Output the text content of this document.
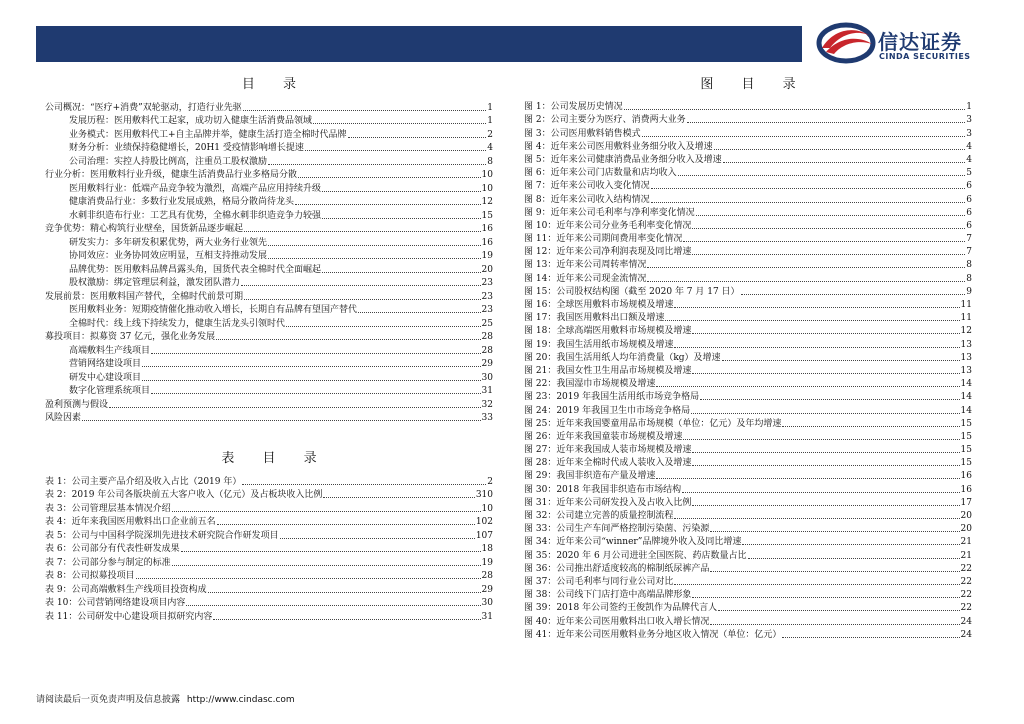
信达证券
CINDA SECURITIES
目 录
公司概况：“医疗+消费”双轮驱动，打造行业先驱	1
发展历程：医用敷料代工起家，成功切入健康生活消费品领域	1
业务模式：医用敷料代工+自主品牌并举，健康生活打造全棉时代品牌	2
财务分析：业绩保持稳健增长，20H1 受疫情影响增长提速	4
公司治理：实控人持股比例高，注重员工股权激励	8
行业分析：医用敷料行业升级，健康生活消费品行业多格局分散	10
医用敷料行业：低端产品竞争较为激烈，高端产品应用持续升级	10
健康消费品行业：多数行业发展成熟，格局分散尚待龙头	12
水刺非织造布行业：工艺具有优势，全棉水刺非织造竞争力较强	15
竞争优势：精心构筑行业壁垒，国货新品逐步崛起	16
研发实力：多年研发积累优势，两大业务行业领先	16
协同效应：业务协同效应明显，互相支持推动发展	19
品牌优势：医用敷料品牌昌露头角，国货代表全棉时代全面崛起	20
股权激励：绑定管理层利益，激发团队潜力	23
发展前景：医用敷料国产替代，全棉时代前景可期	23
医用敷料业务：短期疫情催化推动收入增长，长期自有品牌有望国产替代	23
全棉时代：线上线下持续发力，健康生活龙头引领时代	25
募投项目：拟募资 37 亿元，强化业务发展	28
高端敷料生产线项目	28
营销网络建设项目	29
研发中心建设项目	30
数字化管理系统项目	31
盈利预测与假设	32
风险因素	33
表 目 录
表 1：公司主要产品介绍及收入占比（2019 年）	2
表 2：2019 年公司各版块前五大客户收入（亿元）及占板块收入比例	310
表 3：公司管理层基本情况介绍	10
表 4：近年来我国医用敷料出口企业前五名	102
表 5：公司与中国科学院深圳先进技术研究院合作研发项目	107
表 6：公司部分有代表性研发成果	18
表 7：公司部分参与制定的标准	19
表 8：公司拟募投项目	28
表 9：公司高端敷料生产线项目投资构成	29
表 10：公司营销网络建设项目内容	30
表 11：公司研发中心建设项目拟研究内容	31
图 目 录
图 1：公司发展历史情况	1
图 2：公司主要分为医疗、消费两大业务	3
图 3：公司医用敷料销售模式	3
图 4：近年来公司医用敷料业务细分收入及增速	4
图 5：近年来公司健康消费品业务细分收入及增速	4
图 6：近年来公司门店数量和店均收入	5
图 7：近年来公司收入变化情况	6
图 8：近年来公司收入结构情况	6
图 9：近年来公司毛利率与净利率变化情况	6
图 10：近年来公司分业务毛利率变化情况	6
图 11：近年来公司期间费用率变化情况	7
图 12：近年来公司净利润表现及同比增速	7
图 13：近年来公司周转率情况	8
图 14：近年来公司现金流情况	8
图 15：公司股权结构图（截至 2020 年 7 月 17 日）	9
图 16：全球医用敷料市场规模及增速	11
图 17：我国医用敷料出口额及增速	11
图 18：全球高端医用敷料市场规模及增速	12
图 19：我国生活用纸市场规模及增速	13
图 20：我国生活用纸人均年消费量（kg）及增速	13
图 21：我国女性卫生用品市场规模及增速	13
图 22：我国湿巾市场规模及增速	14
图 23：2019 年我国生活用纸市场竞争格局	14
图 24：2019 年我国卫生巾市场竞争格局	14
图 25：近年来我国婴童用品市场规模（单位：亿元）及年均增速	15
图 26：近年来我国童装市场规模及增速	15
图 27：近年来我国成人装市场规模及增速	15
图 28：近年来全棉时代成人装收入及增速	15
图 29：我国非织造布产量及增速	16
图 30：2018 年我国非织造布市场结构	16
图 31：近年来公司研发投入及占收入比例	17
图 32：公司建立完善的质量控制流程	20
图 33：公司生产车间严格控制污染菌、污染源	20
图 34：近年来公司“winner”品牌境外收入及同比增速	21
图 35：2020 年 6 月公司进驻全国医院、药店数量占比	21
图 36：公司推出舒适度较高的棉制纸尿裤产品	22
图 37：公司毛利率与同行业公司对比	22
图 38：公司线下门店打造中高端品牌形象	22
图 39：2018 年公司签约王俊凯作为品牌代言人	22
图 40：近年来公司医用敷料出口收入增长情况	24
图 41：近年来公司医用敷料业务分地区收入情况（单位：亿元）	24
请阅读最后一页免责声明及信息披露 http://www.cindasc.com
